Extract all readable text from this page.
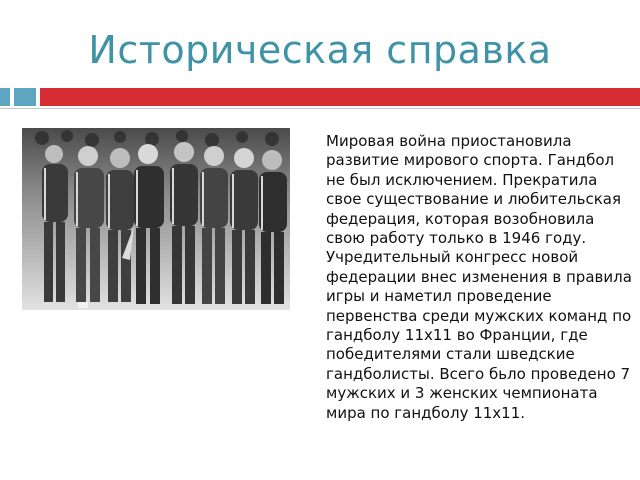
Историческая справка

Мировая война приостановила развитие мирового спорта. Гандбол не был исключением. Прекратила свое существование и любительская федерация, которая возобновила свою работу только в 1946 году. Учредительный конгресс новой федерации внес изменения в правила игры и наметил проведение первенства среди мужских команд по гандболу 11х11 во Франции, где победителями стали шведские гандболисты. Всего бьло проведено 7 мужских и 3 женских чемпионата мира по гандболу 11х11.
